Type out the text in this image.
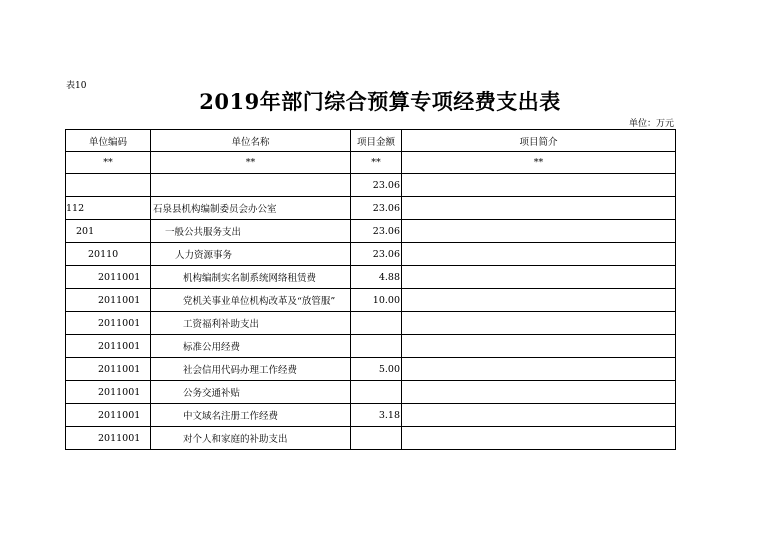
表10
2019年部门综合预算专项经费支出表
单位：万元
单位编码	单位名称	项目金额	项目简介
**	**	**	**
		23.06	
112	石泉县机构编制委员会办公室	23.06	
201	一般公共服务支出	23.06	
20110	人力资源事务	23.06	
2011001	机构编制实名制系统网络租赁费	4.88	
2011001	党机关事业单位机构改革及“放管服”	10.00	
2011001	工资福利补助支出		
2011001	标准公用经费		
2011001	社会信用代码办理工作经费	5.00	
2011001	公务交通补贴		
2011001	中文域名注册工作经费	3.18	
2011001	对个人和家庭的补助支出		
